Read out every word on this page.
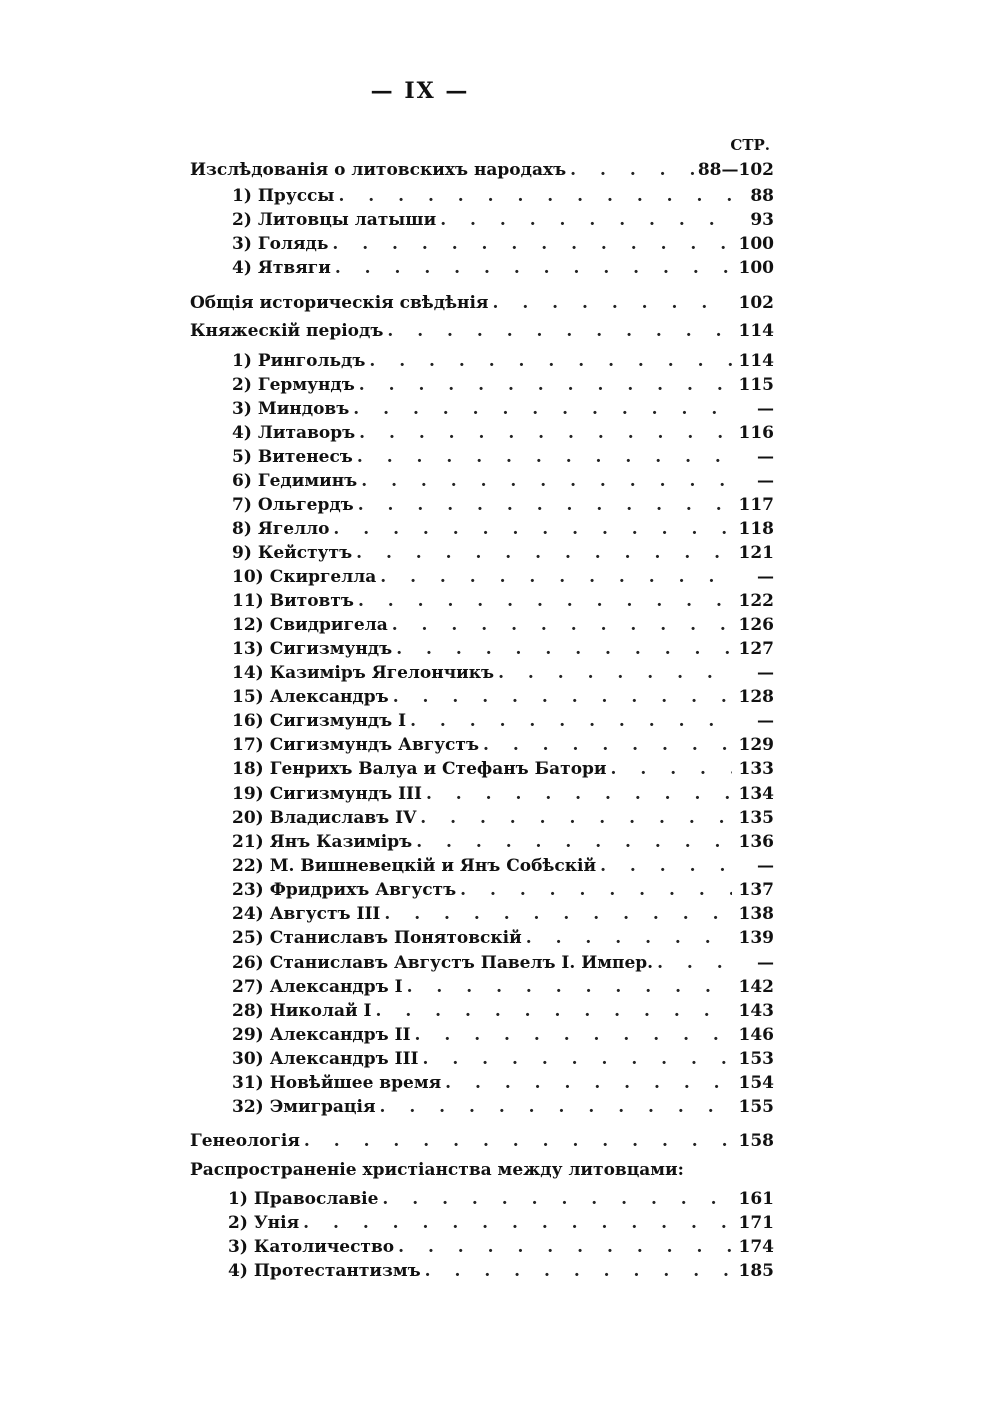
— IX —
СТР.
Изслѣдованія о литовскихъ народахъ . . .	88—102
1) Пруссы . . .	88
2) Литовцы латыши . . .	93
3) Голядь . . .	100
4) Ятвяги . . .	100
Общія историческія свѣдѣнія . . .	102
Княжескій періодъ . . .	114
1) Рингольдъ . . .	114
2) Гермундъ . . .	115
3) Миндовъ . . .	—
4) Литаворъ . . .	116
5) Витенесъ . . .	—
6) Гедиминъ . . .	—
7) Ольгердъ . . .	117
8) Ягелло . . .	118
9) Кейстутъ . . .	121
10) Скиргелла . . .	—
11) Витовтъ . . .	122
12) Свидригела . . .	126
13) Сигизмундъ . . .	127
14) Казиміръ Ягелончикъ . . .	—
15) Александръ . . .	128
16) Сигизмундъ I . . .	—
17) Сигизмундъ Августъ . . .	129
18) Генрихъ Валуа и Стефанъ Батори . . .	133
19) Сигизмундъ III . . .	134
20) Владиславъ IV . . .	135
21) Янъ Казиміръ . . .	136
22) М. Вишневецкій и Янъ Собѣскій . . .	—
23) Фридрихъ Августъ . . .	137
24) Августъ III . . .	138
25) Станиславъ Понятовскій . . .	139
26) Станиславъ Августъ Павелъ I. Импер. . . .	—
27) Александръ I . . .	142
28) Николай I . . .	143
29) Александръ II . . .	146
30) Александръ III . . .	153
31) Новѣйшее время . . .	154
32) Эмиграція . . .	155
Генеологія . . .	158
Распространеніе христіанства между литовцами:
1) Православіе . . .	161
2) Унія . . .	171
3) Католичество . . .	174
4) Протестантизмъ . . .	185
